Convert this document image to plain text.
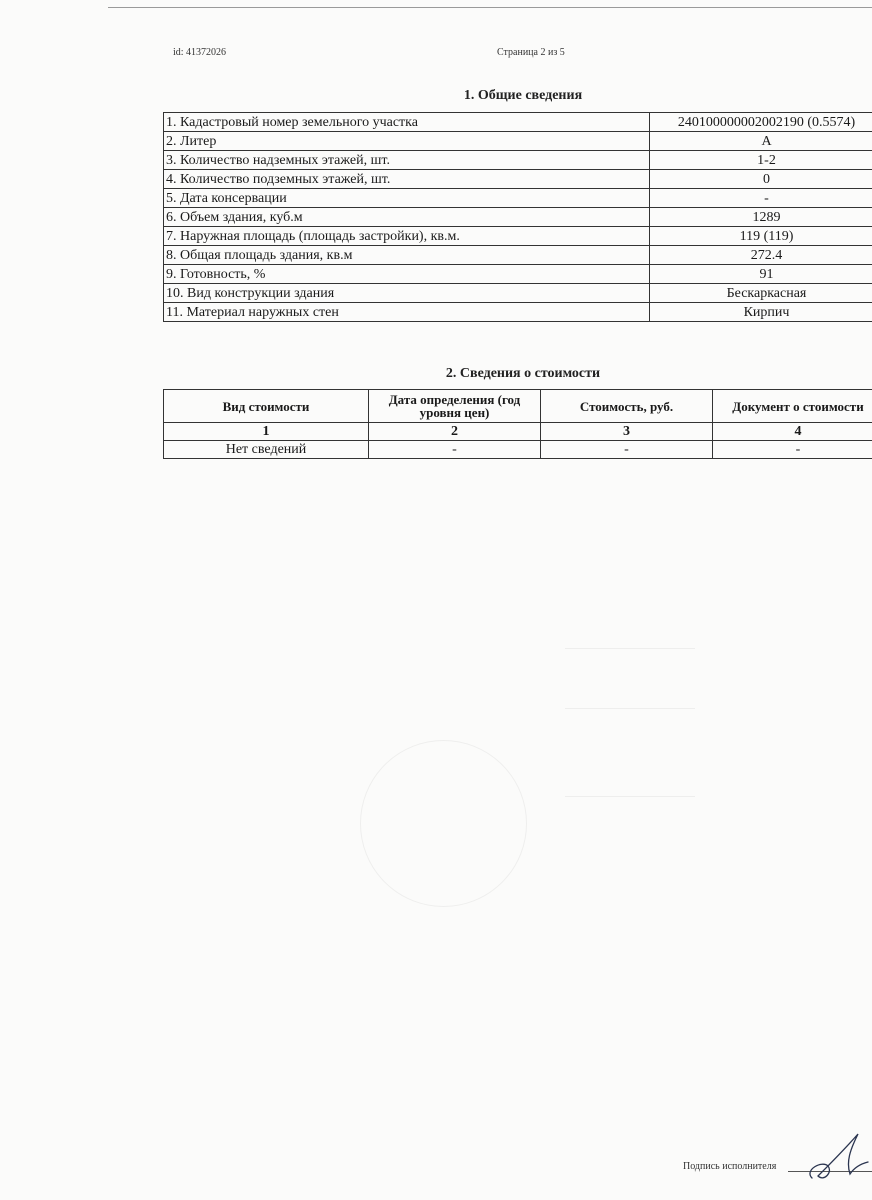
id: 41372026	Страница 2 из 5
1. Общие сведения
1. Кадастровый номер земельного участка	240100000002002190 (0.5574)
2. Литер	А
3. Количество надземных этажей, шт.	1-2
4. Количество подземных этажей, шт.	0
5. Дата консервации	-
6. Объем здания, куб.м	1289
7. Наружная площадь (площадь застройки), кв.м.	119 (119)
8. Общая площадь здания, кв.м	272.4
9. Готовность, %	91
10. Вид конструкции здания	Бескаркасная
11. Материал наружных стен	Кирпич
2. Сведения о стоимости
Вид стоимости	Дата определения (год уровня цен)	Стоимость, руб.	Документ о стоимости
1	2	3	4
Нет сведений	-	-	-
Подпись исполнителя
